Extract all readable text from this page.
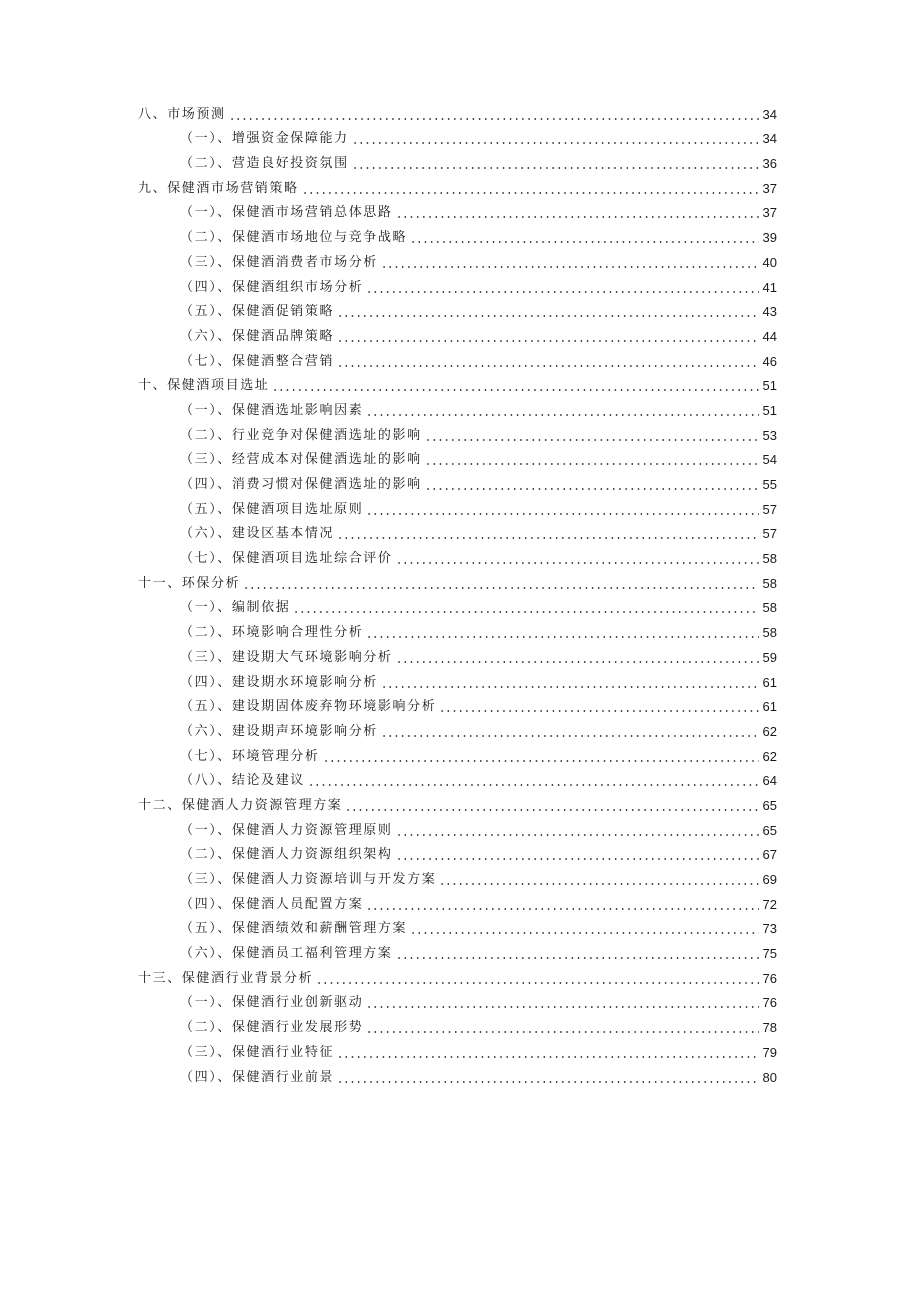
八、市场预测	34
（一）、增强资金保障能力	34
（二）、营造良好投资氛围	36
九、保健酒市场营销策略	37
（一）、保健酒市场营销总体思路	37
（二）、保健酒市场地位与竞争战略	39
（三）、保健酒消费者市场分析	40
（四）、保健酒组织市场分析	41
（五）、保健酒促销策略	43
（六）、保健酒品牌策略	44
（七）、保健酒整合营销	46
十、保健酒项目选址	51
（一）、保健酒选址影响因素	51
（二）、行业竞争对保健酒选址的影响	53
（三）、经营成本对保健酒选址的影响	54
（四）、消费习惯对保健酒选址的影响	55
（五）、保健酒项目选址原则	57
（六）、建设区基本情况	57
（七）、保健酒项目选址综合评价	58
十一、环保分析	58
（一）、编制依据	58
（二）、环境影响合理性分析	58
（三）、建设期大气环境影响分析	59
（四）、建设期水环境影响分析	61
（五）、建设期固体废弃物环境影响分析	61
（六）、建设期声环境影响分析	62
（七）、环境管理分析	62
（八）、结论及建议	64
十二、保健酒人力资源管理方案	65
（一）、保健酒人力资源管理原则	65
（二）、保健酒人力资源组织架构	67
（三）、保健酒人力资源培训与开发方案	69
（四）、保健酒人员配置方案	72
（五）、保健酒绩效和薪酬管理方案	73
（六）、保健酒员工福利管理方案	75
十三、保健酒行业背景分析	76
（一）、保健酒行业创新驱动	76
（二）、保健酒行业发展形势	78
（三）、保健酒行业特征	79
（四）、保健酒行业前景	80
